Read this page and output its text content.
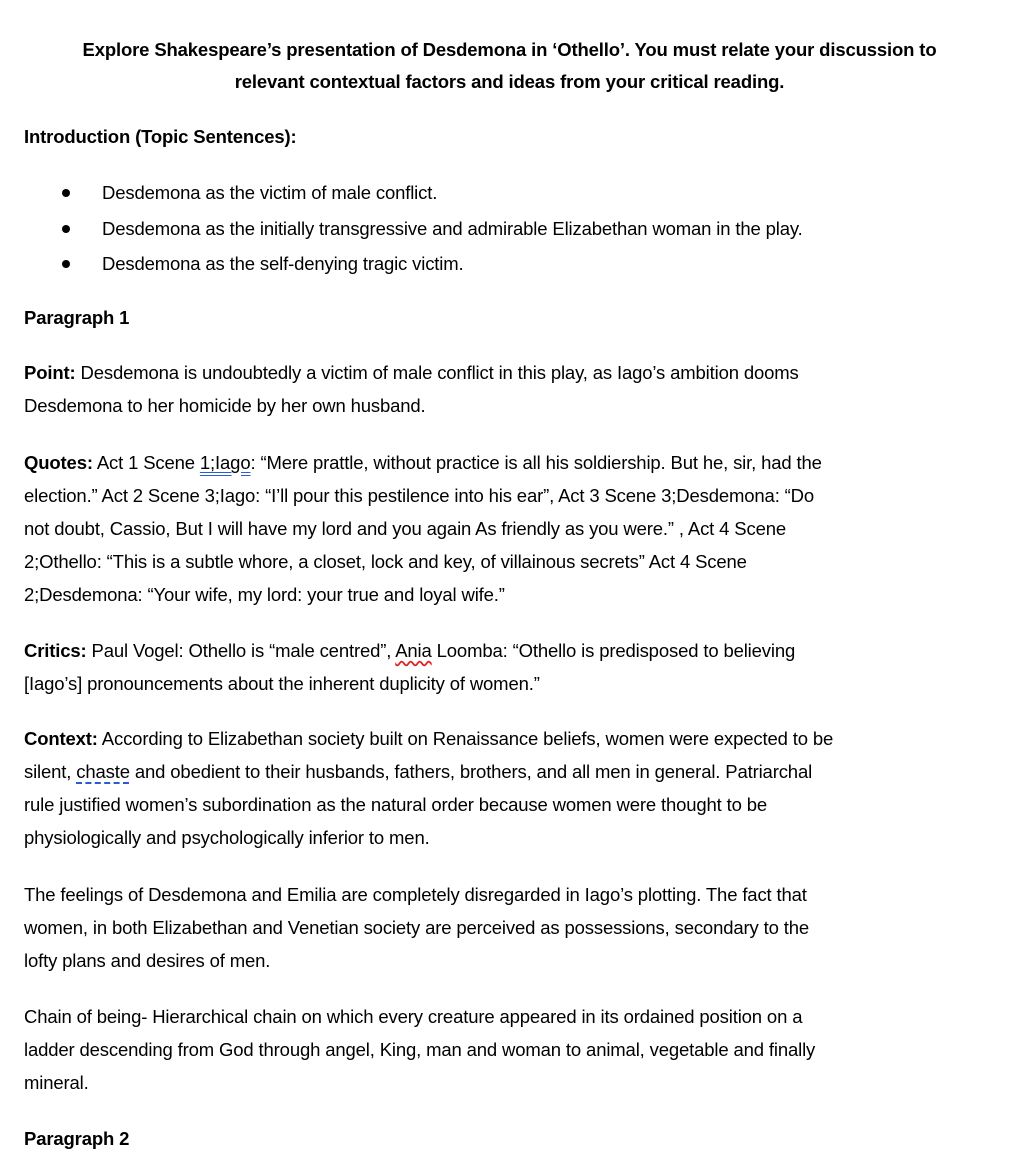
Explore Shakespeare’s presentation of Desdemona in ‘Othello’. You must relate your discussion to
relevant contextual factors and ideas from your critical reading.
Introduction (Topic Sentences):
Desdemona as the victim of male conflict.
Desdemona as the initially transgressive and admirable Elizabethan woman in the play.
Desdemona as the self-denying tragic victim.
Paragraph 1
Point: Desdemona is undoubtedly a victim of male conflict in this play, as Iago’s ambition dooms
Desdemona to her homicide by her own husband.
Quotes: Act 1 Scene 1;Iago: “Mere prattle, without practice is all his soldiership. But he, sir, had the
election.” Act 2 Scene 3;Iago: “I’ll pour this pestilence into his ear”, Act 3 Scene 3;Desdemona: “Do
not doubt, Cassio, But I will have my lord and you again As friendly as you were.” , Act 4 Scene
2;Othello: “This is a subtle whore, a closet, lock and key, of villainous secrets” Act 4 Scene
2;Desdemona: “Your wife, my lord: your true and loyal wife.”
Critics: Paul Vogel: Othello is “male centred”, Ania Loomba: “Othello is predisposed to believing
[Iago’s] pronouncements about the inherent duplicity of women.”
Context: According to Elizabethan society built on Renaissance beliefs, women were expected to be
silent, chaste and obedient to their husbands, fathers, brothers, and all men in general. Patriarchal
rule justified women’s subordination as the natural order because women were thought to be
physiologically and psychologically inferior to men.
The feelings of Desdemona and Emilia are completely disregarded in Iago’s plotting. The fact that
women, in both Elizabethan and Venetian society are perceived as possessions, secondary to the
lofty plans and desires of men.
Chain of being- Hierarchical chain on which every creature appeared in its ordained position on a
ladder descending from God through angel, King, man and woman to animal, vegetable and finally
mineral.
Paragraph 2
